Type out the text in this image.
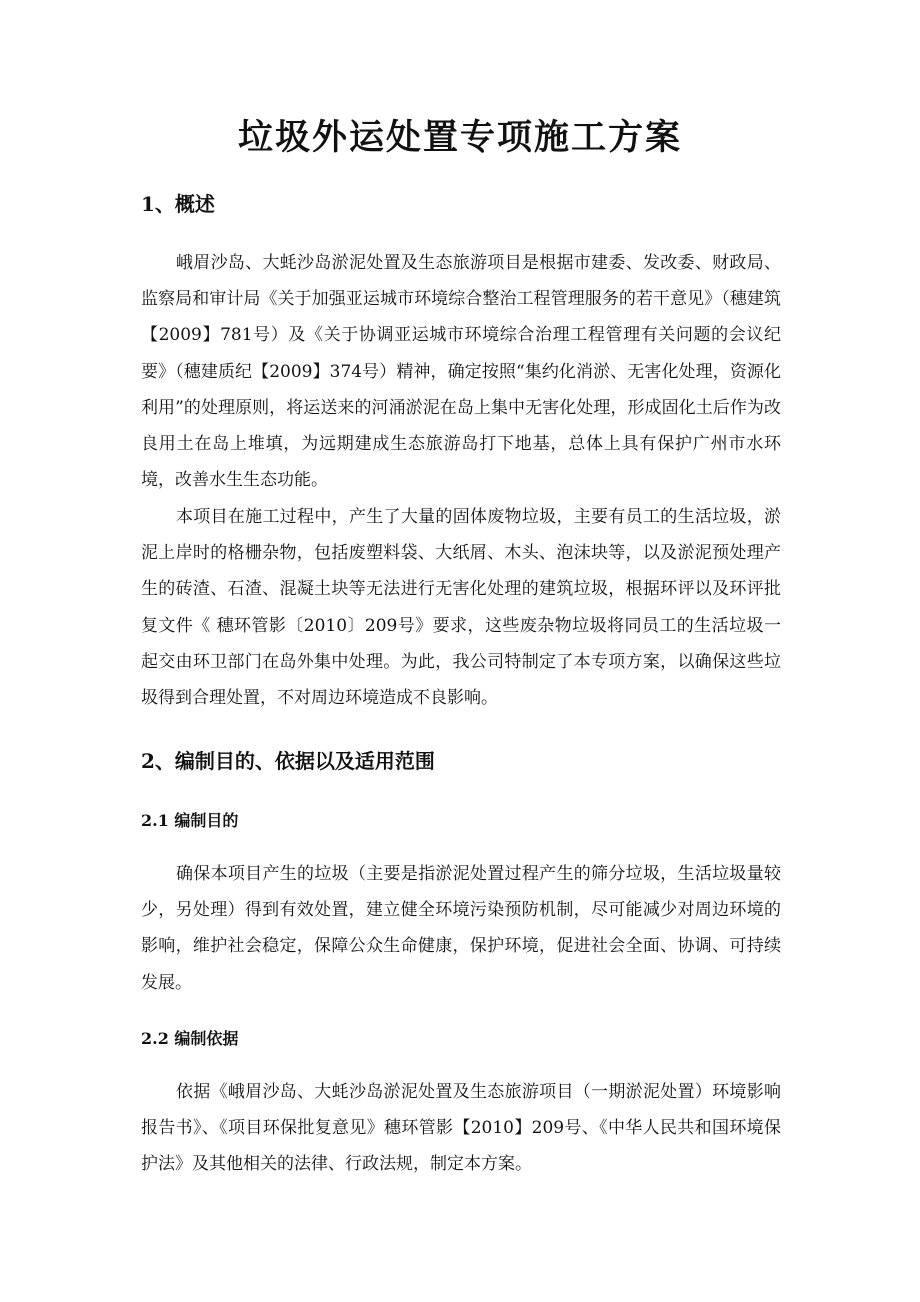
垃圾外运处置专项施工方案
1、概述

峨眉沙岛、大蚝沙岛淤泥处置及生态旅游项目是根据市建委、发改委、财政局、监察局和审计局《关于加强亚运城市环境综合整治工程管理服务的若干意见》（穗建筑【2009】781号）及《关于协调亚运城市环境综合治理工程管理有关问题的会议纪要》（穗建质纪【2009】374号）精神，确定按照“集约化消淤、无害化处理，资源化利用”的处理原则，将运送来的河涌淤泥在岛上集中无害化处理，形成固化土后作为改良用土在岛上堆填，为远期建成生态旅游岛打下地基，总体上具有保护广州市水环境，改善水生生态功能。

本项目在施工过程中，产生了大量的固体废物垃圾，主要有员工的生活垃圾，淤泥上岸时的格栅杂物，包括废塑料袋、大纸屑、木头、泡沫块等，以及淤泥预处理产生的砖渣、石渣、混凝土块等无法进行无害化处理的建筑垃圾，根据环评以及环评批复文件《 穗环管影〔2010〕209号》要求，这些废杂物垃圾将同员工的生活垃圾一起交由环卫部门在岛外集中处理。为此，我公司特制定了本专项方案，以确保这些垃圾得到合理处置，不对周边环境造成不良影响。

2、编制目的、依据以及适用范围
2.1 编制目的

确保本项目产生的垃圾（主要是指淤泥处置过程产生的筛分垃圾，生活垃圾量较少，另处理）得到有效处置，建立健全环境污染预防机制，尽可能减少对周边环境的影响，维护社会稳定，保障公众生命健康，保护环境，促进社会全面、协调、可持续发展。

2.2 编制依据

依据《峨眉沙岛、大蚝沙岛淤泥处置及生态旅游项目（一期淤泥处置）环境影响报告书》、《项目环保批复意见》穗环管影【2010】209号、《中华人民共和国环境保护法》及其他相关的法律、行政法规，制定本方案。
